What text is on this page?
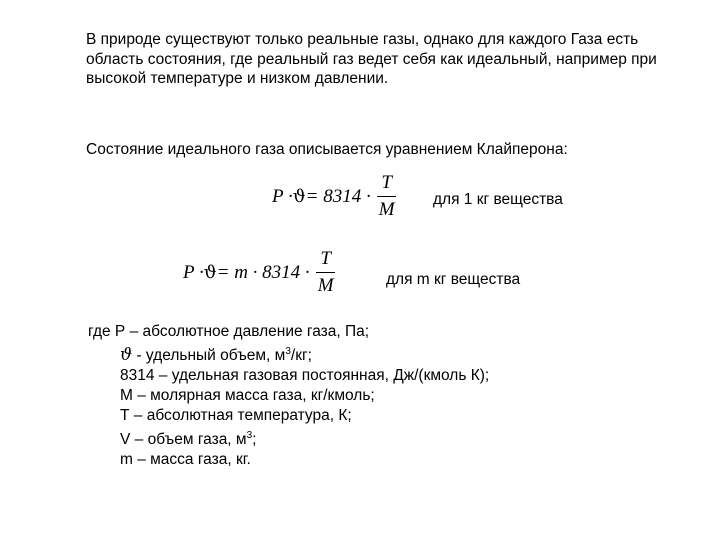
В природе существуют только реальные газы, однако для каждого Газа есть область состояния, где реальный газ ведет себя как идеальный, например при высокой температуре и низком давлении.

Состояние идеального газа описывается уравнением Клайперона:

$P \cdot ϑ = 8314 \cdot \frac{T}{M}$ для 1 кг вещества
$P \cdot ϑ = m \cdot 8314 \cdot \frac{T}{M}$	для m кг вещества
где Р – абсолютное давление газа, Па;
ϑ - удельный объем, $м^3/кг$;
8314 – удельная газовая постоянная, Дж/(кмоль К);
М – молярная масса газа, кг/кмоль;
Т – абсолютная температура, К;
V – объем газа, $м^3$;
m – масса газа, кг.
